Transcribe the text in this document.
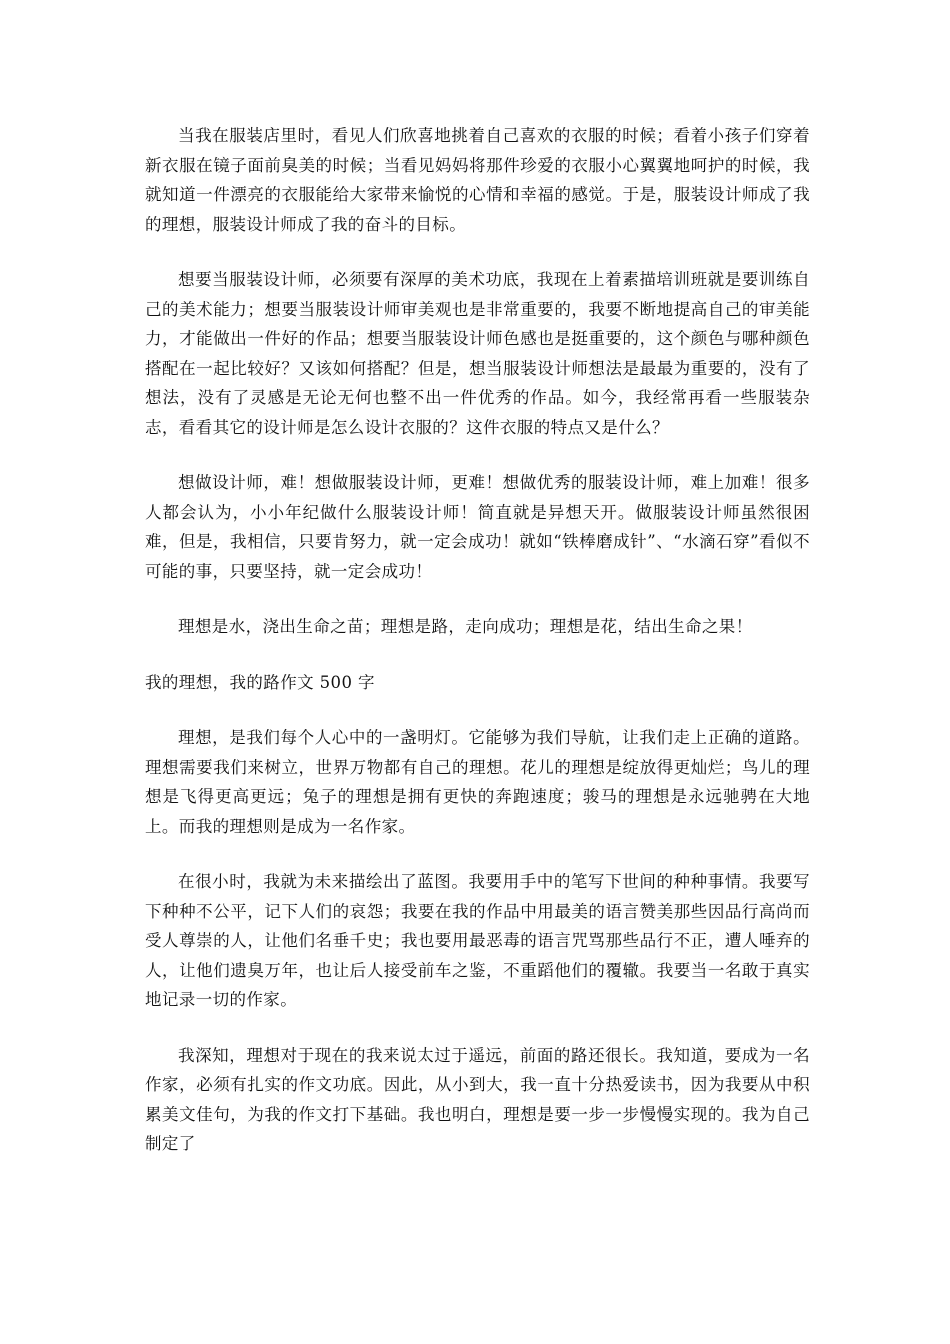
当我在服装店里时，看见人们欣喜地挑着自己喜欢的衣服的时候；看着小孩子们穿着新衣服在镜子面前臭美的时候；当看见妈妈将那件珍爱的衣服小心翼翼地呵护的时候，我就知道一件漂亮的衣服能给大家带来愉悦的心情和幸福的感觉。于是，服装设计师成了我的理想，服装设计师成了我的奋斗的目标。

想要当服装设计师，必须要有深厚的美术功底，我现在上着素描培训班就是要训练自己的美术能力；想要当服装设计师审美观也是非常重要的，我要不断地提高自己的审美能力，才能做出一件好的作品；想要当服装设计师色感也是挺重要的，这个颜色与哪种颜色搭配在一起比较好？又该如何搭配？但是，想当服装设计师想法是最最为重要的，没有了想法，没有了灵感是无论无何也整不出一件优秀的作品。如今，我经常再看一些服装杂志，看看其它的设计师是怎么设计衣服的？这件衣服的特点又是什么？

想做设计师，难！想做服装设计师，更难！想做优秀的服装设计师，难上加难！很多人都会认为，小小年纪做什么服装设计师！简直就是异想天开。做服装设计师虽然很困难，但是，我相信，只要肯努力，就一定会成功！就如“铁棒磨成针”、“水滴石穿”看似不可能的事，只要坚持，就一定会成功！

理想是水，浇出生命之苗；理想是路，走向成功；理想是花，结出生命之果！

我的理想，我的路作文 500 字

理想，是我们每个人心中的一盏明灯。它能够为我们导航，让我们走上正确的道路。理想需要我们来树立，世界万物都有自己的理想。花儿的理想是绽放得更灿烂；鸟儿的理想是飞得更高更远；兔子的理想是拥有更快的奔跑速度；骏马的理想是永远驰骋在大地上。而我的理想则是成为一名作家。

在很小时，我就为未来描绘出了蓝图。我要用手中的笔写下世间的种种事情。我要写下种种不公平，记下人们的哀怨；我要在我的作品中用最美的语言赞美那些因品行高尚而受人尊崇的人，让他们名垂千史；我也要用最恶毒的语言咒骂那些品行不正，遭人唾弃的人，让他们遗臭万年，也让后人接受前车之鉴，不重蹈他们的覆辙。我要当一名敢于真实地记录一切的作家。

我深知，理想对于现在的我来说太过于遥远，前面的路还很长。我知道，要成为一名作家，必须有扎实的作文功底。因此，从小到大，我一直十分热爱读书，因为我要从中积累美文佳句，为我的作文打下基础。我也明白，理想是要一步一步慢慢实现的。我为自己制定了
